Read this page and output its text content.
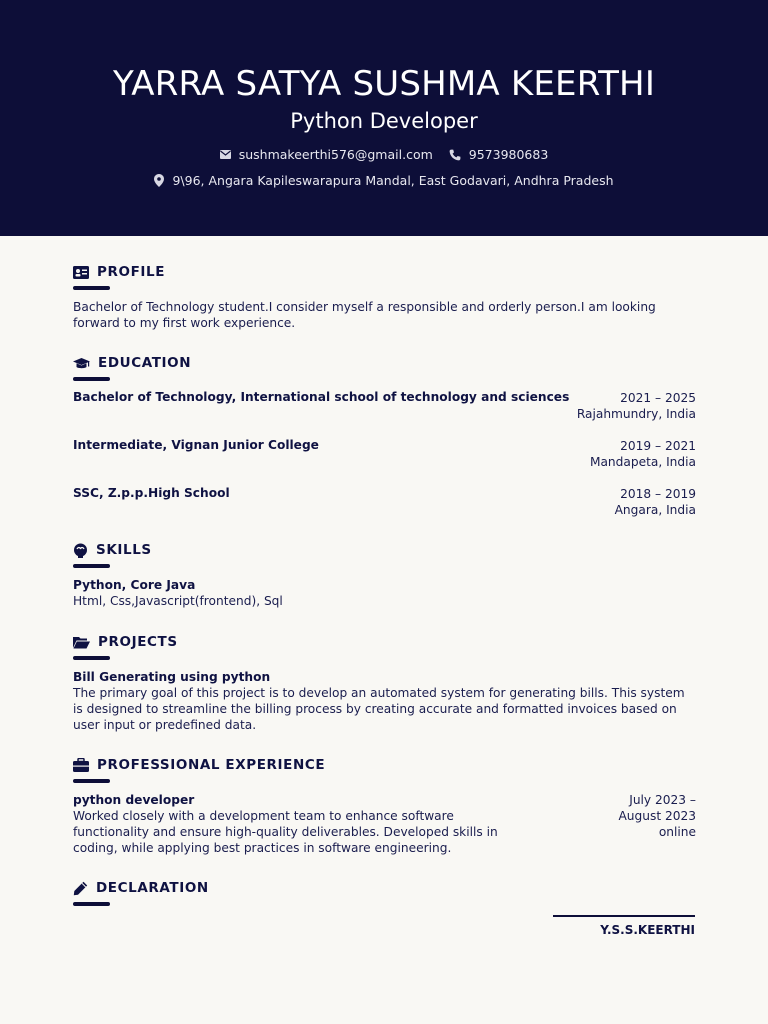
YARRA SATYA SUSHMA KEERTHI
Python Developer
sushmakeerthi576@gmail.com	9573980683
9\96, Angara Kapileswarapura Mandal, East Godavari, Andhra Pradesh
PROFILE
Bachelor of Technology student.I consider myself a responsible and orderly person.I am looking forward to my first work experience.
EDUCATION
Bachelor of Technology, International school of technology and sciences	2021 – 2025
Rajahmundry, India
Intermediate, Vignan Junior College	2019 – 2021
Mandapeta, India
SSC, Z.p.p.High School	2018 – 2019
Angara, India
SKILLS
Python, Core Java
Html, Css,Javascript(frontend), Sql
PROJECTS
Bill Generating using python
The primary goal of this project is to develop an automated system for generating bills. This system is designed to streamline the billing process by creating accurate and formatted invoices based on user input or predefined data.
PROFESSIONAL EXPERIENCE
python developer
Worked closely with a development team to enhance software functionality and ensure high-quality deliverables. Developed skills in coding, while applying best practices in software engineering.
July 2023 –
August 2023
online
DECLARATION
Y.S.S.KEERTHI
